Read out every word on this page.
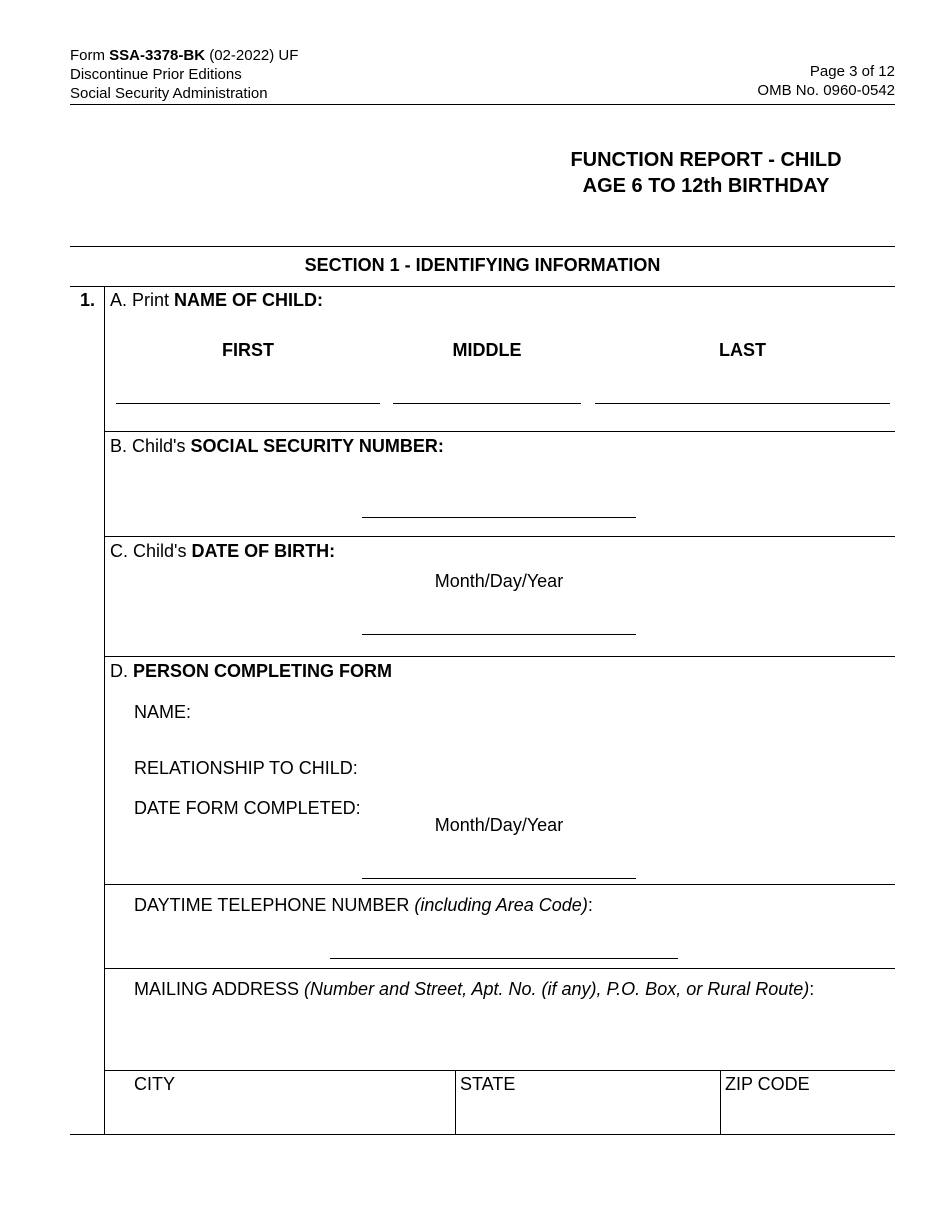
Form SSA-3378-BK (02-2022) UF
Discontinue Prior Editions
Social Security Administration
Page 3 of 12
OMB No. 0960-0542
FUNCTION REPORT - CHILD
AGE 6 TO 12th BIRTHDAY
SECTION 1 - IDENTIFYING INFORMATION
1. A. Print NAME OF CHILD:
FIRST	MIDDLE	LAST
B. Child's SOCIAL SECURITY NUMBER:
C. Child's DATE OF BIRTH:
Month/Day/Year
D. PERSON COMPLETING FORM
NAME:
RELATIONSHIP TO CHILD:
DATE FORM COMPLETED:
Month/Day/Year
DAYTIME TELEPHONE NUMBER (including Area Code):
MAILING ADDRESS (Number and Street, Apt. No. (if any), P.O. Box, or Rural Route):
CITY	STATE	ZIP CODE
